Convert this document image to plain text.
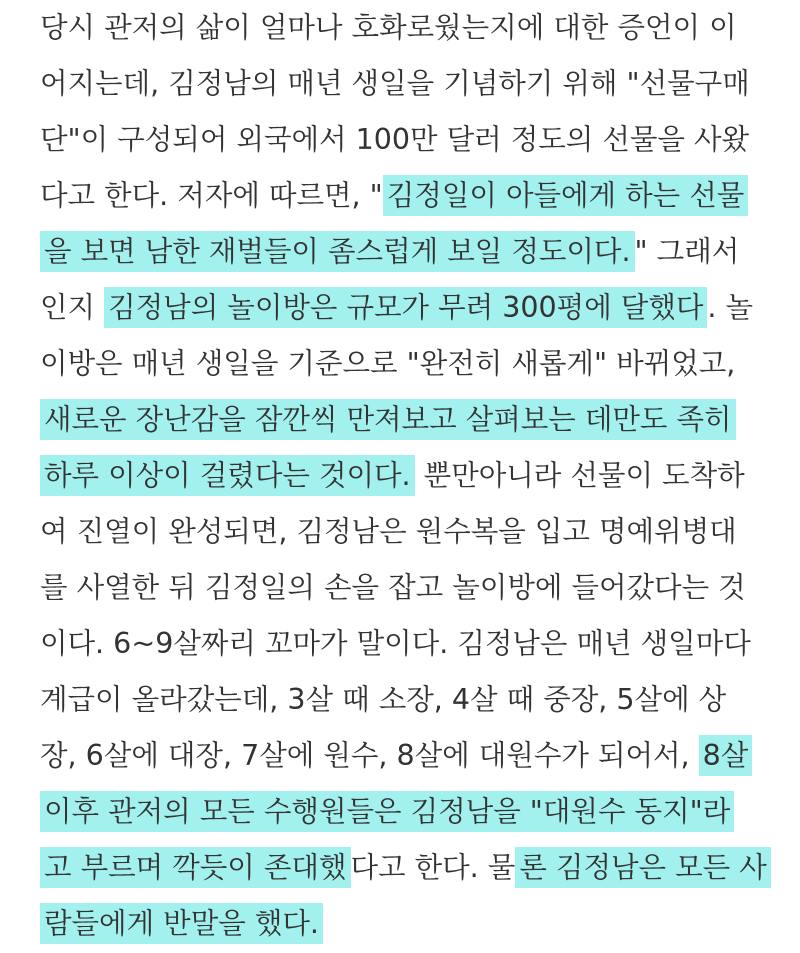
당시 관저의 삶이 얼마나 호화로웠는지에 대한 증언이 이
어지는데, 김정남의 매년 생일을 기념하기 위해 "선물구매
단"이 구성되어 외국에서 100만 달러 정도의 선물을 사왔
다고 한다. 저자에 따르면, " 김정일이 아들에게 하는 선물
을 보면 남한 재벌들이 좀스럽게 보일 정도이다. " 그래서
인지 김정남의 놀이방은 규모가 무려 300평에 달했다 . 놀
이방은 매년 생일을 기준으로 "완전히 새롭게" 바뀌었고,
새로운 장난감을 잠깐씩 만져보고 살펴보는 데만도 족히
하루 이상이 걸렸다는 것이다. 뿐만아니라 선물이 도착하
여 진열이 완성되면, 김정남은 원수복을 입고 명예위병대
를 사열한 뒤 김정일의 손을 잡고 놀이방에 들어갔다는 것
이다. 6~9살짜리 꼬마가 말이다. 김정남은 매년 생일마다
계급이 올라갔는데, 3살 때 소장, 4살 때 중장, 5살에 상
장, 6살에 대장, 7살에 원수, 8살에 대원수가 되어서, 8살
이후 관저의 모든 수행원들은 김정남을 "대원수 동지"라
고 부르며 깍듯이 존대했 다고 한다. 물 론 김정남은 모든 사
람들에게 반말을 했다.
